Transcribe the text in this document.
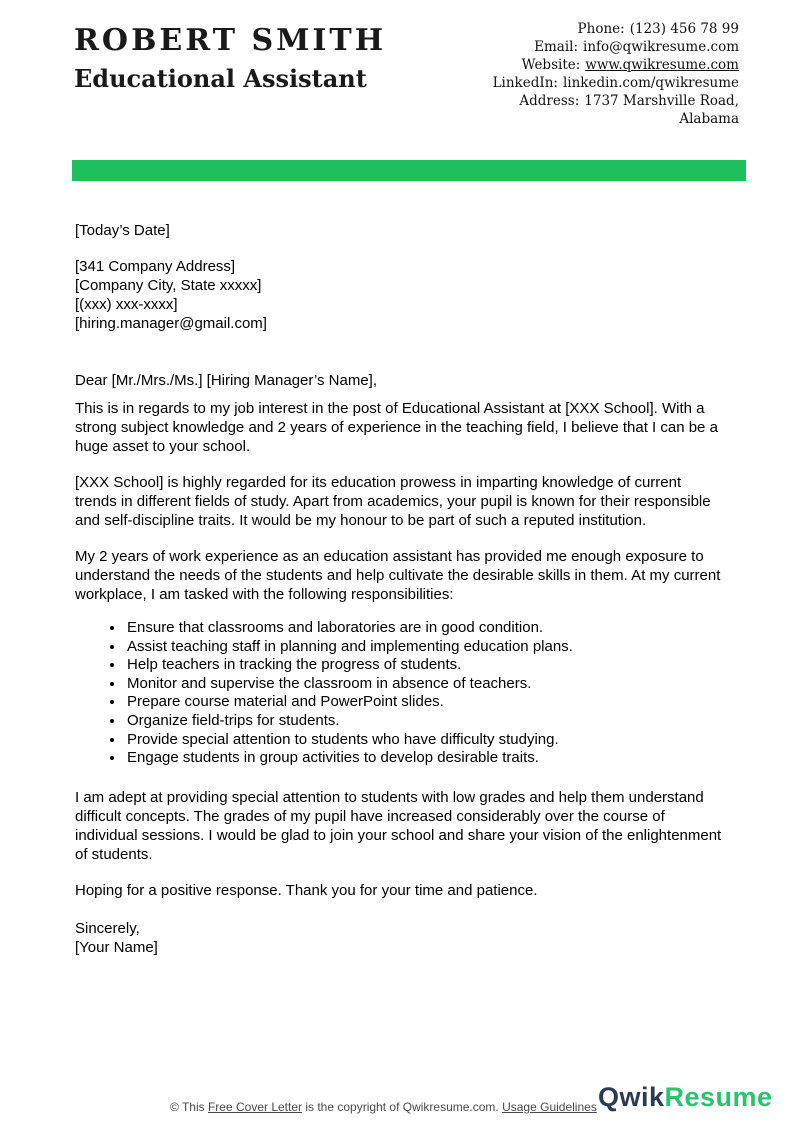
ROBERT SMITH
Educational Assistant
Phone: (123) 456 78 99
Email: info@qwikresume.com
Website: www.qwikresume.com
LinkedIn: linkedin.com/qwikresume
Address: 1737 Marshville Road,
Alabama
[Today’s Date]
[341 Company Address]
[Company City, State xxxxx]
[(xxx) xxx-xxxx]
[hiring.manager@gmail.com]
Dear [Mr./Mrs./Ms.] [Hiring Manager’s Name],

This is in regards to my job interest in the post of Educational Assistant at [XXX School]. With a strong subject knowledge and 2 years of experience in the teaching field, I believe that I can be a huge asset to your school.

[XXX School] is highly regarded for its education prowess in imparting knowledge of current trends in different fields of study. Apart from academics, your pupil is known for their responsible and self-discipline traits. It would be my honour to be part of such a reputed institution.

My 2 years of work experience as an education assistant has provided me enough exposure to understand the needs of the students and help cultivate the desirable skills in them. At my current workplace, I am tasked with the following responsibilities:

• Ensure that classrooms and laboratories are in good condition.
• Assist teaching staff in planning and implementing education plans.
• Help teachers in tracking the progress of students.
• Monitor and supervise the classroom in absence of teachers.
• Prepare course material and PowerPoint slides.
• Organize field-trips for students.
• Provide special attention to students who have difficulty studying.
• Engage students in group activities to develop desirable traits.

I am adept at providing special attention to students with low grades and help them understand difficult concepts. The grades of my pupil have increased considerably over the course of individual sessions. I would be glad to join your school and share your vision of the enlightenment of students.

Hoping for a positive response. Thank you for your time and patience.

Sincerely,
[Your Name]
© This Free Cover Letter is the copyright of Qwikresume.com. Usage Guidelines QwikResume
